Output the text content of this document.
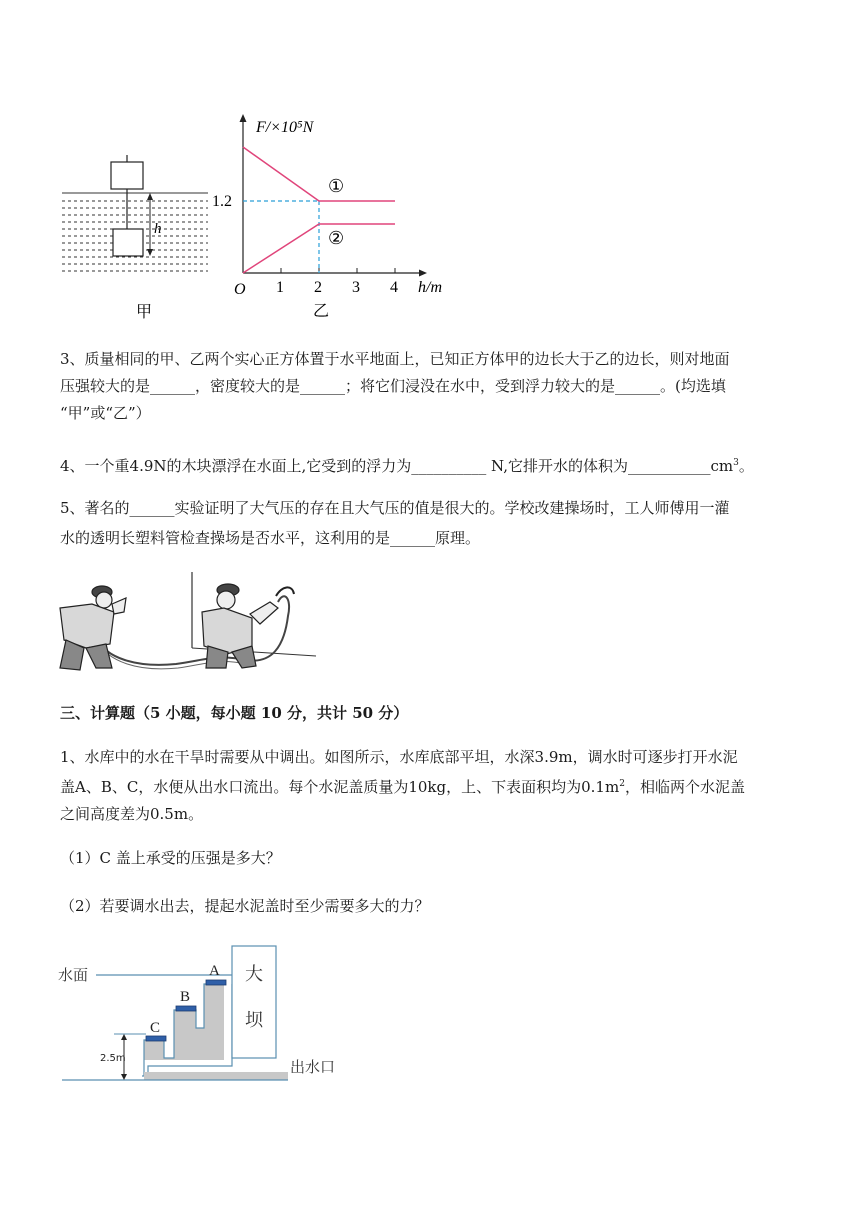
h
甲
F/×10⁵N
h/m
O 1 2 3 4
1.2
①
②
乙
3、质量相同的甲、乙两个实心正方体置于水平地面上，已知正方体甲的边长大于乙的边长，则对地面
压强较大的是______，密度较大的是______；将它们浸没在水中，受到浮力较大的是______。(均选填
“甲”或“乙”）
4、一个重4.9N的木块漂浮在水面上,它受到的浮力为__________ N,它排开水的体积为$\_\_\_\_\_\_\_\_\_\_\_cm^3$。
5、著名的______实验证明了大气压的存在且大气压的值是很大的。学校改建操场时，工人师傅用一灌
水的透明长塑料管检查操场是否水平，这利用的是______原理。
三、计算题（5 小题，每小题 10 分，共计 50 分）
1、水库中的水在干旱时需要从中调出。如图所示，水库底部平坦，水深3.9m，调水时可逐步打开水泥
盖A、B、C，水便从出水口流出。每个水泥盖质量为10kg，上、下表面积均为$0.1m^2$，相临两个水泥盖
之间高度差为0.5m。
（1）C 盖上承受的压强是多大？
（2）若要调水出去，提起水泥盖时至少需要多大的力？
水面	大
坝
出水口
C
B
A
2.5m
